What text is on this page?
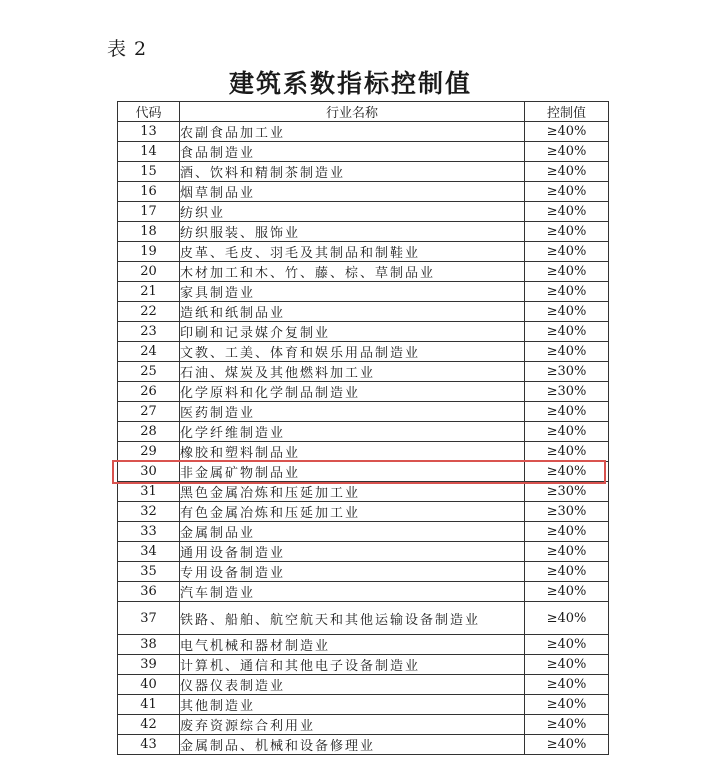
表 2
建筑系数指标控制值
代码	行业名称	控制值
13	农副食品加工业	≥40%
14	食品制造业	≥40%
15	酒、饮料和精制茶制造业	≥40%
16	烟草制品业	≥40%
17	纺织业	≥40%
18	纺织服装、服饰业	≥40%
19	皮革、毛皮、羽毛及其制品和制鞋业	≥40%
20	木材加工和木、竹、藤、棕、草制品业	≥40%
21	家具制造业	≥40%
22	造纸和纸制品业	≥40%
23	印刷和记录媒介复制业	≥40%
24	文教、工美、体育和娱乐用品制造业	≥40%
25	石油、煤炭及其他燃料加工业	≥30%
26	化学原料和化学制品制造业	≥30%
27	医药制造业	≥40%
28	化学纤维制造业	≥40%
29	橡胶和塑料制品业	≥40%
30	非金属矿物制品业	≥40%
31	黑色金属冶炼和压延加工业	≥30%
32	有色金属冶炼和压延加工业	≥30%
33	金属制品业	≥40%
34	通用设备制造业	≥40%
35	专用设备制造业	≥40%
36	汽车制造业	≥40%
37	铁路、船舶、航空航天和其他运输设备制造业	≥40%
38	电气机械和器材制造业	≥40%
39	计算机、通信和其他电子设备制造业	≥40%
40	仪器仪表制造业	≥40%
41	其他制造业	≥40%
42	废弃资源综合利用业	≥40%
43	金属制品、机械和设备修理业	≥40%
